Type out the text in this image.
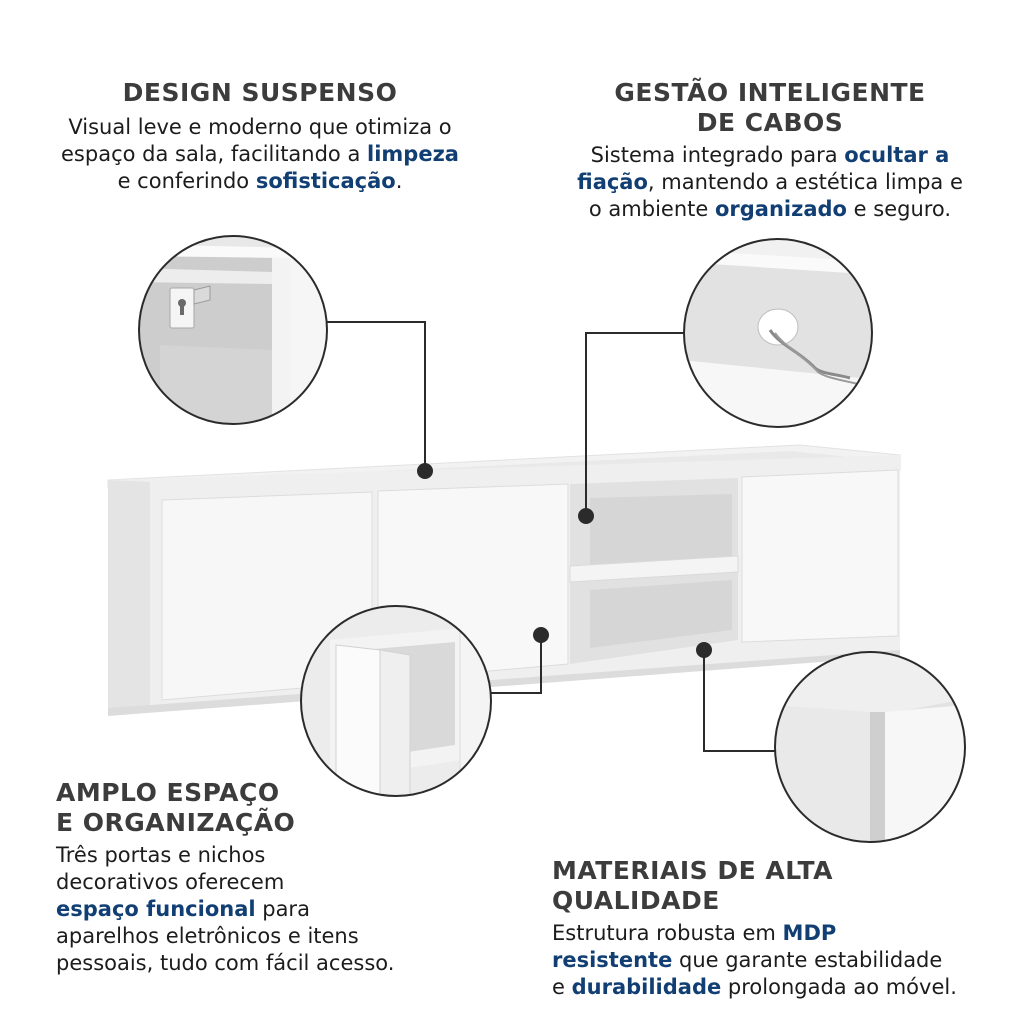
DESIGN SUSPENSO
Visual leve e moderno que otimiza o
espaço da sala, facilitando a limpeza
e conferindo sofisticação.
GESTÃO INTELIGENTE
DE CABOS
Sistema integrado para ocultar a
fiação, mantendo a estética limpa e
o ambiente organizado e seguro.
AMPLO ESPAÇO
E ORGANIZAÇÃO
Três portas e nichos
decorativos oferecem
espaço funcional para
aparelhos eletrônicos e itens
pessoais, tudo com fácil acesso.
MATERIAIS DE ALTA QUALIDADE
Estrutura robusta em MDP
resistente que garante estabilidade
e durabilidade prolongada ao móvel.
